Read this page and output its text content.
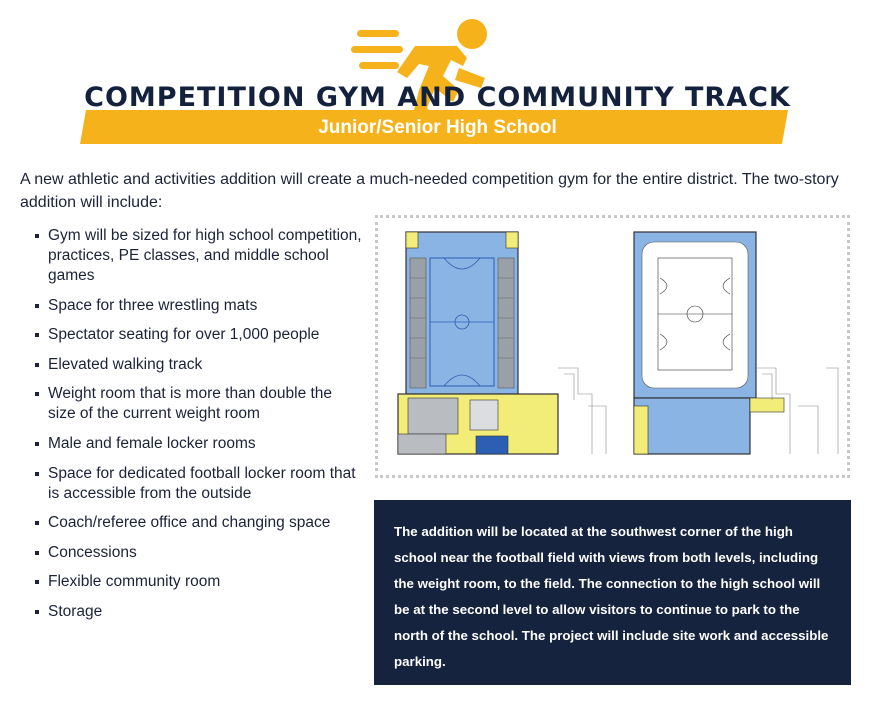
COMPETITION GYM AND COMMUNITY TRACK
Junior/Senior High School
A new athletic and activities addition will create a much-needed competition gym for the entire district. The two-story addition will include:
Gym will be sized for high school competition, practices, PE classes, and middle school games
Space for three wrestling mats
Spectator seating for over 1,000 people
Elevated walking track
Weight room that is more than double the size of the current weight room
Male and female locker rooms
Space for dedicated football locker room that is accessible from the outside
Coach/referee office and changing space
Concessions
Flexible community room
Storage
The addition will be located at the southwest corner of the high school near the football field with views from both levels, including the weight room, to the field. The connection to the high school will be at the second level to allow visitors to continue to park to the north of the school. The project will include site work and accessible parking.
